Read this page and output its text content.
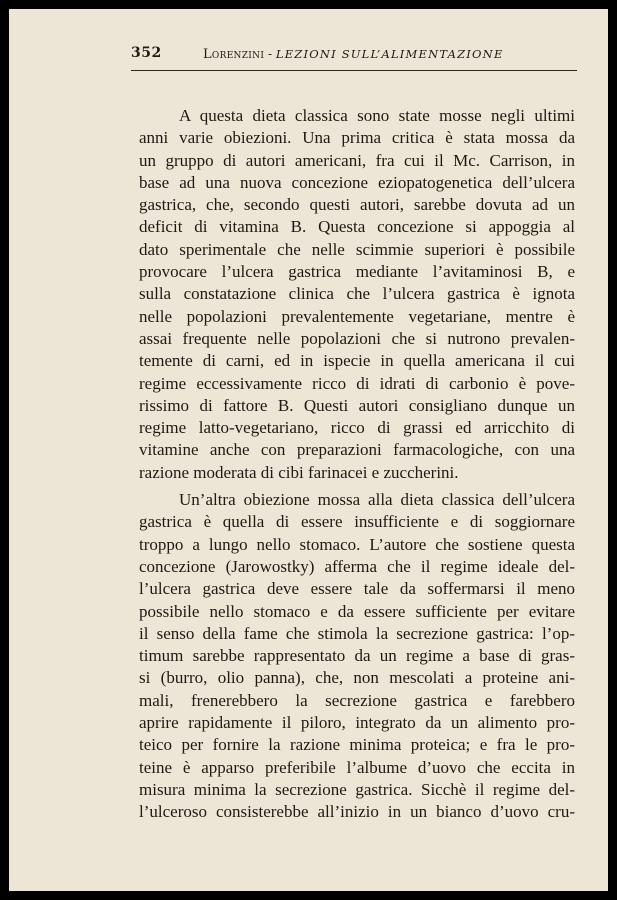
352	Lorenzini - LEZIONI SULL’ALIMENTAZIONE
A questa dieta classica sono state mosse negli ultimi
anni varie obiezioni. Una prima critica è stata mossa da
un gruppo di autori americani, fra cui il Mc. Carrison, in
base ad una nuova concezione eziopatogenetica dell’ulcera
gastrica, che, secondo questi autori, sarebbe dovuta ad un
deficit di vitamina B. Questa concezione si appoggia al
dato sperimentale che nelle scimmie superiori è possibile
provocare l’ulcera gastrica mediante l’avitaminosi B, e
sulla constatazione clinica che l’ulcera gastrica è ignota
nelle popolazioni prevalentemente vegetariane, mentre è
assai frequente nelle popolazioni che si nutrono prevalen-
temente di carni, ed in ispecie in quella americana il cui
regime eccessivamente ricco di idrati di carbonio è pove-
rissimo di fattore B. Questi autori consigliano dunque un
regime latto-vegetariano, ricco di grassi ed arricchito di
vitamine anche con preparazioni farmacologiche, con una
razione moderata di cibi farinacei e zuccherini.
Un’altra obiezione mossa alla dieta classica dell’ulcera
gastrica è quella di essere insufficiente e di soggiornare
troppo a lungo nello stomaco. L’autore che sostiene questa
concezione (Jarowostky) afferma che il regime ideale del-
l’ulcera gastrica deve essere tale da soffermarsi il meno
possibile nello stomaco e da essere sufficiente per evitare
il senso della fame che stimola la secrezione gastrica: l’op-
timum sarebbe rappresentato da un regime a base di gras-
si (burro, olio panna), che, non mescolati a proteine ani-
mali, frenerebbero la secrezione gastrica e farebbero
aprire rapidamente il piloro, integrato da un alimento pro-
teico per fornire la razione minima proteica; e fra le pro-
teine è apparso preferibile l’albume d’uovo che eccita in
misura minima la secrezione gastrica. Sicchè il regime del-
l’ulceroso consisterebbe all’inizio in un bianco d’uovo cru-
